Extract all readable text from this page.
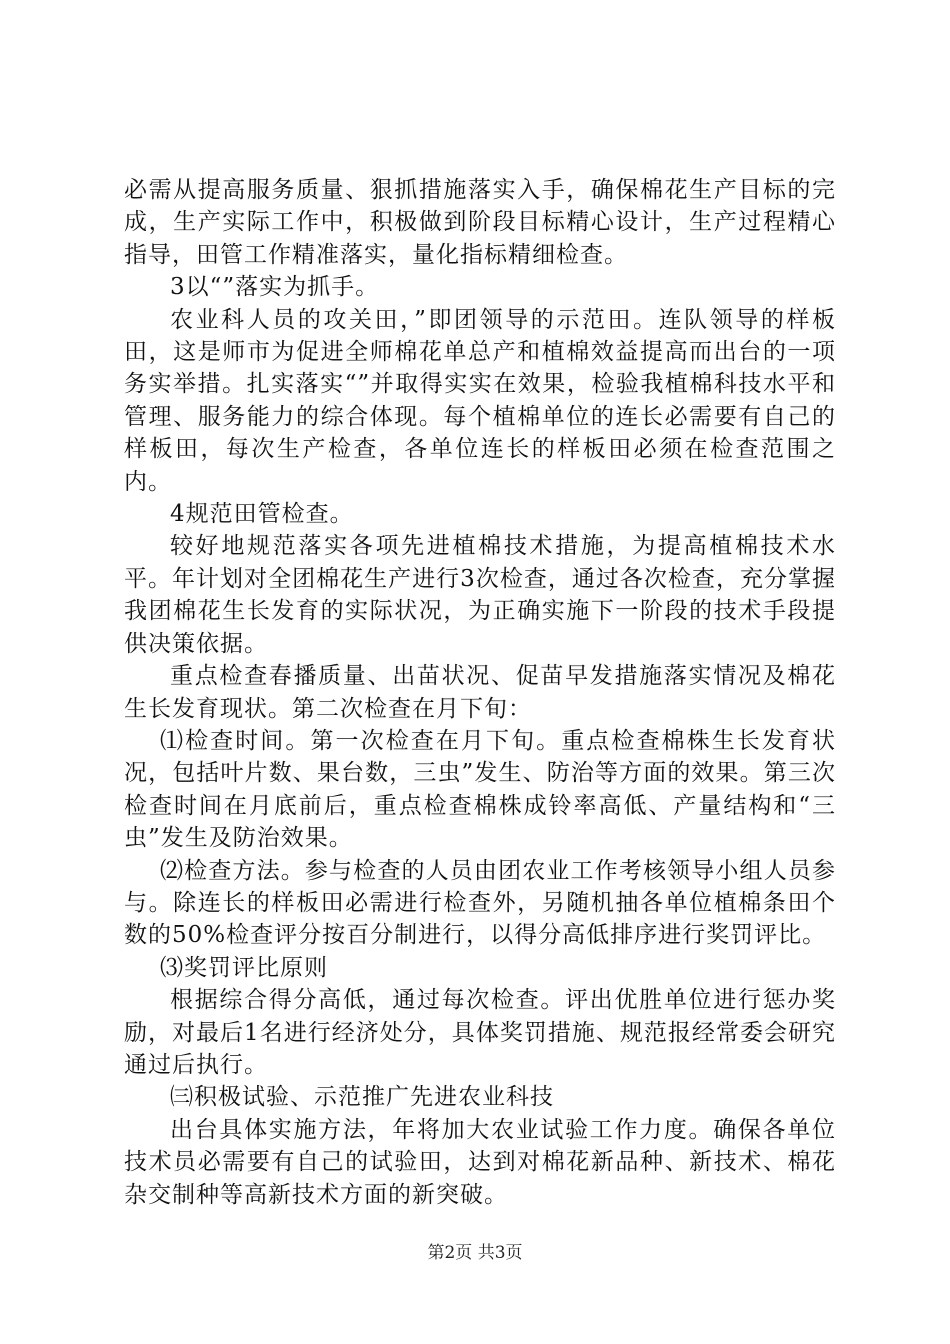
必需从提高服务质量、狠抓措施落实入手，确保棉花生产目标的完成，生产实际工作中，积极做到阶段目标精心设计，生产过程精心指导，田管工作精准落实，量化指标精细检查。

3以“”落实为抓手。

农业科人员的攻关田，”即团领导的示范田。连队领导的样板田，这是师市为促进全师棉花单总产和植棉效益提高而出台的一项务实举措。扎实落实“”并取得实实在效果，检验我植棉科技水平和管理、服务能力的综合体现。每个植棉单位的连长必需要有自己的样板田，每次生产检查，各单位连长的样板田必须在检查范围之内。

4规范田管检查。

较好地规范落实各项先进植棉技术措施，为提高植棉技术水平。年计划对全团棉花生产进行3次检查，通过各次检查，充分掌握我团棉花生长发育的实际状况，为正确实施下一阶段的技术手段提供决策依据。

重点检查春播质量、出苗状况、促苗早发措施落实情况及棉花生长发育现状。第二次检查在月下旬：

⑴检查时间。第一次检查在月下旬。重点检查棉株生长发育状况，包括叶片数、果台数，三虫”发生、防治等方面的效果。第三次检查时间在月底前后，重点检查棉株成铃率高低、产量结构和“三虫”发生及防治效果。

⑵检查方法。参与检查的人员由团农业工作考核领导小组人员参与。除连长的样板田必需进行检查外，另随机抽各单位植棉条田个数的50%检查评分按百分制进行，以得分高低排序进行奖罚评比。

⑶奖罚评比原则

根据综合得分高低，通过每次检查。评出优胜单位进行惩办奖励，对最后1名进行经济处分，具体奖罚措施、规范报经常委会研究通过后执行。

㈢积极试验、示范推广先进农业科技

出台具体实施方法，年将加大农业试验工作力度。确保各单位技术员必需要有自己的试验田，达到对棉花新品种、新技术、棉花杂交制种等高新技术方面的新突破。

第2页 共3页
